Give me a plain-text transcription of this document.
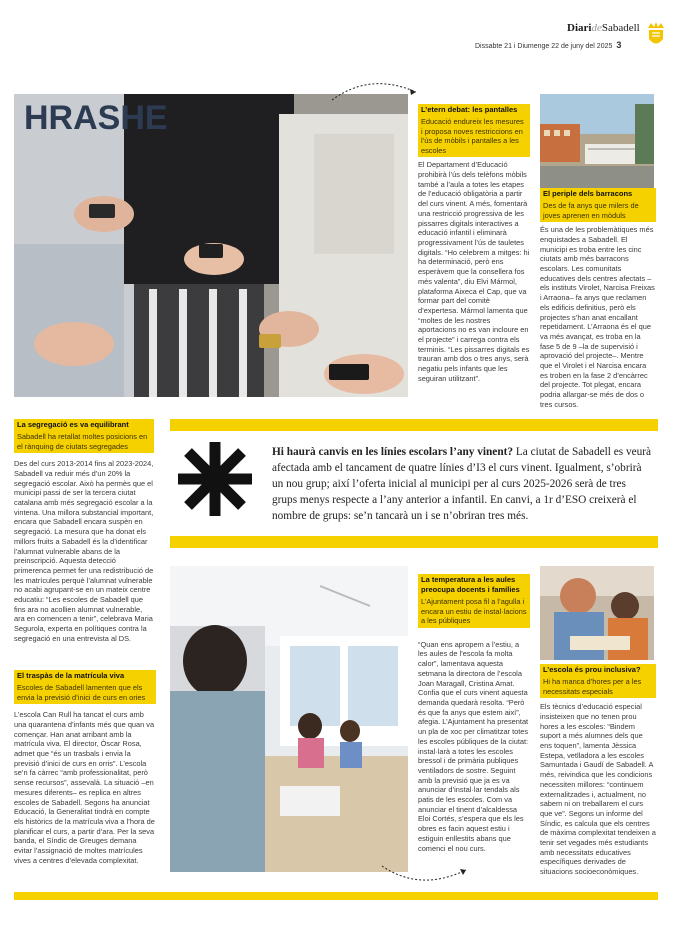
DiarideSabadell
Dissabte 21 i Diumenge 22 de juny del 2025 3
HRASHE	L’etern debat: les pantalles
Educació endureix les mesures i proposa noves restriccions en l’ús de mòbils i pantalles a les escoles
El Departament d’Educació prohibirà l’ús dels telèfons mòbils també a l’aula a totes les etapes de l’educació obligatòria a partir del curs vinent. A més, fomentarà una restricció progressiva de les pissarres digitals interactives a educació infantil i eliminarà progressivament l’ús de tauletes digitals. “Ho celebrem a mitges: hi ha determinació, però ens esperàvem que la consellera fos més valenta”, diu Elvi Mármol, plataforma Aixeca el Cap, que va formar part del comitè d’expertesa. Mármol lamenta que “moltes de les nostres aportacions no es van incloure en el projecte” i carrega contra els terminis. “Les pissarres digitals es trauran amb dos o tres anys, serà negatiu pels infants que les seguiran utilitzant”.
El periple dels barracons
Des de fa anys que milers de joves aprenen en mòduls
És una de les problemàtiques més enquistades a Sabadell. El municipi es troba entre les cinc ciutats amb més barracons escolars. Les comunitats educatives dels centres afectats –els instituts Virolet, Narcisa Freixas i Arraona– fa anys que reclamen els edificis definitius, però els projectes s’han anat encallant repetidament. L’Arraona és el que va més avançat, es troba en la fase 5 de 9 –la de supervisió i aprovació del projecte–. Mentre que el Virolet i el Narcisa encara es troben en la fase 2 d’encàrrec del projecte. Tot plegat, encara podria allargar-se més de dos o tres cursos.
La segregació es va equilibrant
Sabadell ha retallat moltes posicions en el rànquing de ciutats segregades
Des del curs 2013-2014 fins al 2023-2024, Sabadell va reduir més d’un 20% la segregació escolar. Això ha permès que el municipi passi de ser la tercera ciutat catalana amb més segregació escolar a la vintena. Una millora substancial important, encara que Sabadell encara suspèn en segregació. La mesura que ha donat els millors fruits a Sabadell és la d’identificar l’alumnat vulnerable abans de la preinscripció. Aquesta detecció primerenca permet fer una redistribució de les matrícules perquè l’alumnat vulnerable no acabi agrupant-se en un mateix centre educatiu: “Les escoles de Sabadell que fins ara no acollien alumnat vulnerable, ara en comencen a tenir”, celebrava Maria Segurola, experta en polítiques contra la segregació en una entrevista al DS.
Hi haurà canvis en les línies escolars l’any vinent? La ciutat de Sabadell es veurà afectada amb el tancament de quatre línies d’I3 el curs vinent. Igualment, s’obrirà un nou grup; així l’oferta inicial al municipi per al curs 2025-2026 serà de tres grups menys respecte a l’any anterior a infantil. En canvi, a 1r d’ESO creixerà el nombre de grups: se’n tancarà un i se n’obriran tres més.
El traspàs de la matrícula viva
Escoles de Sabadell lamenten que els envia la previsió d’inici de curs en ories
L’escola Can Rull ha tancat el curs amb una quarantena d’infants més que quan va començar. Han anat arribant amb la matrícula viva. El director, Òscar Rosa, admet que “és un trasbals i envia la previsió d’inici de curs en orris”. L’escola se’n fa càrrec “amb professionalitat, però sense recursos”, assevalà. La situació –en mesures diferents– es replica en altres escoles de Sabadell. Segons ha anunciat Educació, la Generalitat tindrà en compte els històrics de la matrícula viva a l’hora de planificar el curs, a partir d’ara. Per la seva banda, el Síndic de Greuges demana evitar l’assignació de moltes matrícules vives a centres d’elevada complexitat.
La temperatura a les aules preocupa docents i famílies
L’Ajuntament posa fil a l’agulla i encara un estiu de instal·lacions a les públiques
“Quan ens apropem a l’estiu, a les aules de l’escola fa molta calor”, lamentava aquesta setmana la directora de l’escola Joan Maragall, Cristina Amat. Confia que el curs vinent aquesta demanda quedarà resolta. “Però és que fa anys que estem així”, afegia. L’Ajuntament ha presentat un pla de xoc per climatitzar totes les escoles públiques de la ciutat: instal·larà a totes les escoles bressol i de primària publiques ventiladors de sostre. Seguint amb la previsió que ja es va anunciar d’instal·lar tendals als patis de les escoles. Com va anunciar el tinent d’alcaldessa Eloi Cortés, s’espera que els les obres es facin aquest estiu i estiguin enllestits abans que comenci el nou curs.
L’escola és prou inclusiva?
Hi ha manca d’hores per a les necessitats especials
Els tècnics d’educació especial insisteixen que no tenen prou hores a les escoles: “Bindem suport a més alumnes dels que ens toquen”, lamenta Jèssica Estepa, vetlladora a les escoles Samuntada i Gaudí de Sabadell. A més, reivindica que les condicions necessiten millores: “continuem externalitzades i, actualment, no sabem ni on treballarem el curs que ve”. Segons un informe del Síndic, es calcula que els centres de màxima complexitat tendeixen a tenir set vegades més estudiants amb necessitats educatives específiques derivades de situacions socioeconòmiques.
